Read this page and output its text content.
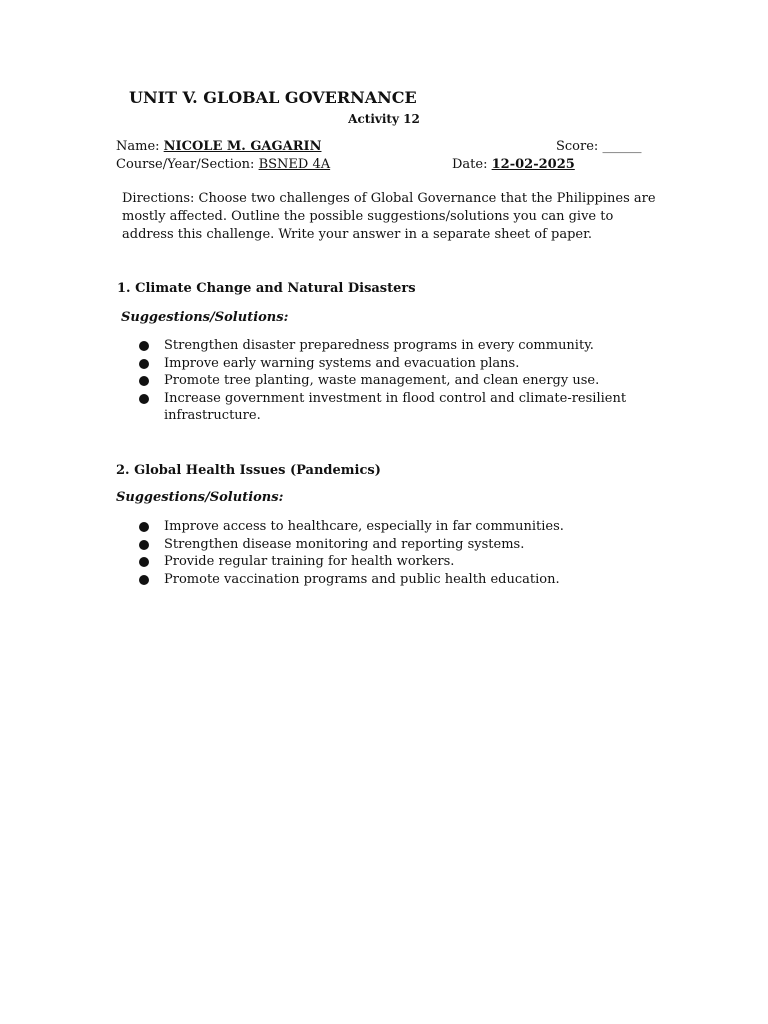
UNIT V. GLOBAL GOVERNANCE
Activity 12
Name: NICOLE M. GAGARIN	Score: ______
Course/Year/Section: BSNED 4A	Date: 12-02-2025
Directions: Choose two challenges of Global Governance that the Philippines are mostly affected. Outline the possible suggestions/solutions you can give to address this challenge. Write your answer in a separate sheet of paper.
1. Climate Change and Natural Disasters
Suggestions/Solutions:
Strengthen disaster preparedness programs in every community.
Improve early warning systems and evacuation plans.
Promote tree planting, waste management, and clean energy use.
Increase government investment in flood control and climate-resilient infrastructure.
2. Global Health Issues (Pandemics)
Suggestions/Solutions:
Improve access to healthcare, especially in far communities.
Strengthen disease monitoring and reporting systems.
Provide regular training for health workers.
Promote vaccination programs and public health education.
